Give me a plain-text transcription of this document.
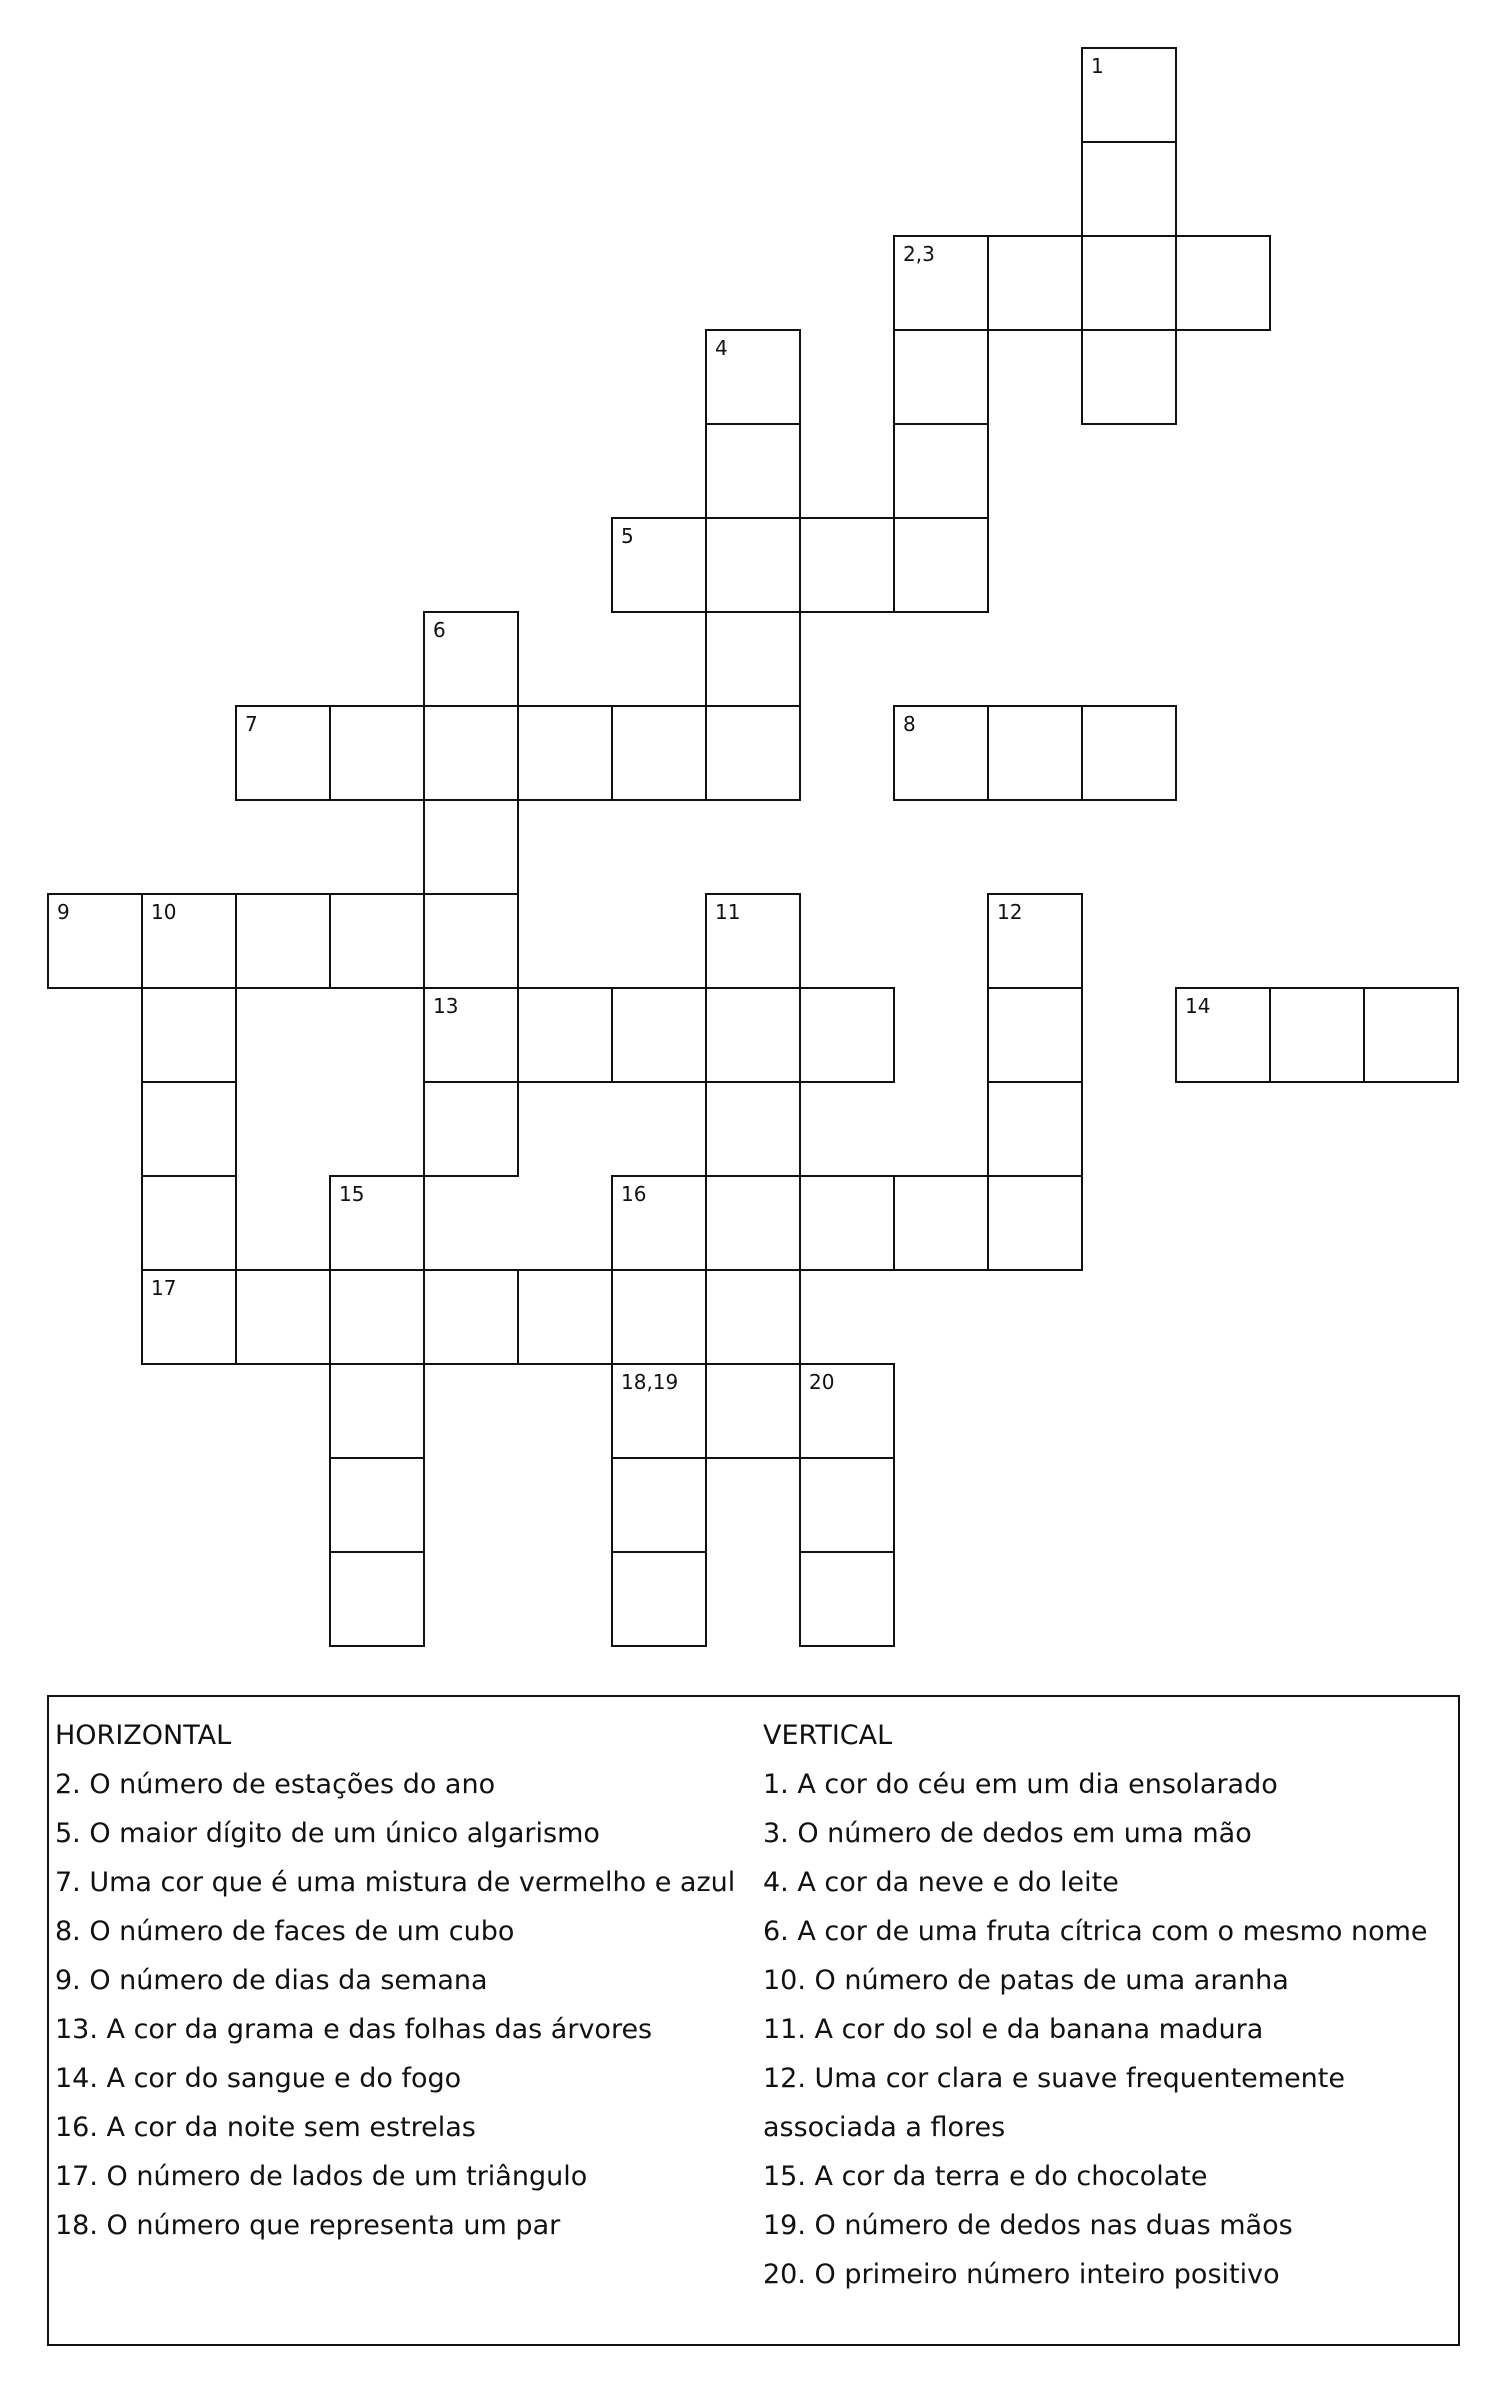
1
2,3
4
5
6
7	8
9	10	11	12
13	14
15	16
17
18,19	20
HORIZONTAL
2. O número de estações do ano
5. O maior dígito de um único algarismo
7. Uma cor que é uma mistura de vermelho e azul
8. O número de faces de um cubo
9. O número de dias da semana
13. A cor da grama e das folhas das árvores
14. A cor do sangue e do fogo
16. A cor da noite sem estrelas
17. O número de lados de um triângulo
18. O número que representa um par
VERTICAL
1. A cor do céu em um dia ensolarado
3. O número de dedos em uma mão
4. A cor da neve e do leite
6. A cor de uma fruta cítrica com o mesmo nome
10. O número de patas de uma aranha
11. A cor do sol e da banana madura
12. Uma cor clara e suave frequentemente
associada a flores
15. A cor da terra e do chocolate
19. O número de dedos nas duas mãos
20. O primeiro número inteiro positivo
